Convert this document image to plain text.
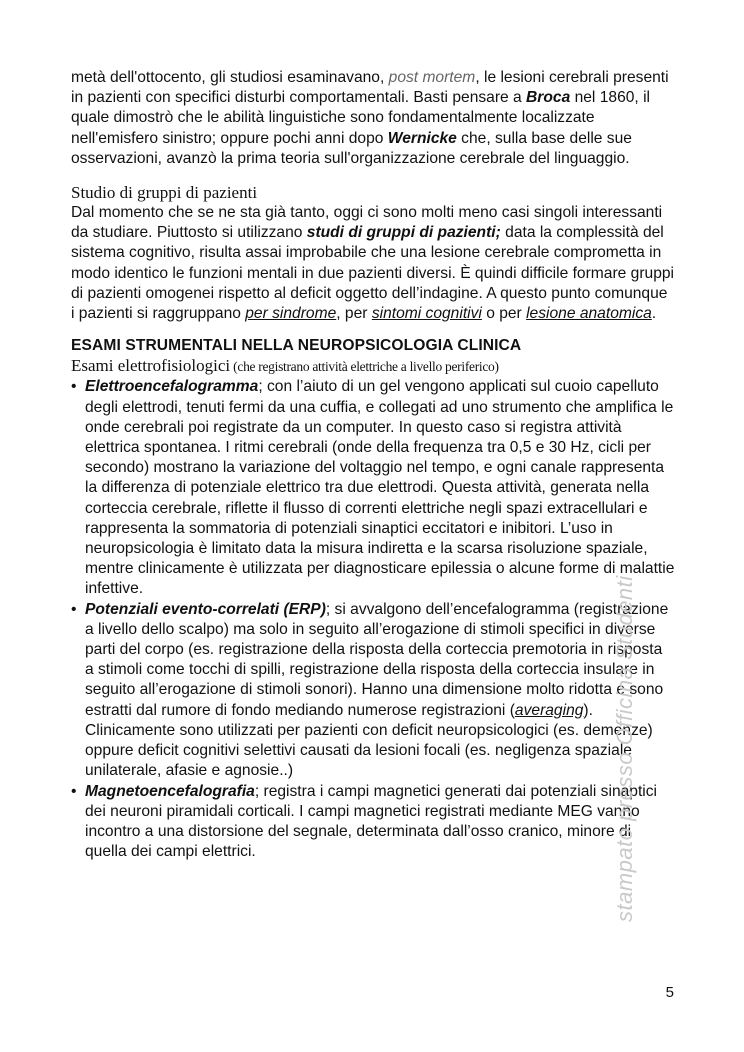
metà dell'ottocento, gli studiosi esaminavano, post mortem, le lesioni cerebrali presenti in pazienti con specifici disturbi comportamentali. Basti pensare a Broca nel 1860, il quale dimostrò che le abilità linguistiche sono fondamentalmente localizzate nell'emisfero sinistro; oppure pochi anni dopo Wernicke che, sulla base delle sue osservazioni, avanzò la prima teoria sull'organizzazione cerebrale del linguaggio.

Studio di gruppi di pazienti

Dal momento che se ne sta già tanto, oggi ci sono molti meno casi singoli interessanti da studiare. Piuttosto si utilizzano studi di gruppi di pazienti; data la complessità del sistema cognitivo, risulta assai improbabile che una lesione cerebrale comprometta in modo identico le funzioni mentali in due pazienti diversi. È quindi difficile formare gruppi di pazienti omogenei rispetto al deficit oggetto dell’indagine. A questo punto comunque i pazienti si raggruppano per sindrome, per sintomi cognitivi o per lesione anatomica.

ESAMI STRUMENTALI NELLA NEUROPSICOLOGIA CLINICA

Esami elettrofisiologici (che registrano attività elettriche a livello periferico)

• Elettroencefalogramma; con l’aiuto di un gel vengono applicati sul cuoio capelluto degli elettrodi, tenuti fermi da una cuffia, e collegati ad uno strumento che amplifica le onde cerebrali poi registrate da un computer. In questo caso si registra attività elettrica spontanea. I ritmi cerebrali (onde della frequenza tra 0,5 e 30 Hz, cicli per secondo) mostrano la variazione del voltaggio nel tempo, e ogni canale rappresenta la differenza di potenziale elettrico tra due elettrodi. Questa attività, generata nella corteccia cerebrale, riflette il flusso di correnti elettriche negli spazi extracellulari e rappresenta la sommatoria di potenziali sinaptici eccitatori e inibitori. L’uso in neuropsicologia è limitato data la misura indiretta e la scarsa risoluzione spaziale, mentre clinicamente è utilizzata per diagnosticare epilessia o alcune forme di malattie infettive.
• Potenziali evento-correlati (ERP); si avvalgono dell’encefalogramma (registrazione a livello dello scalpo) ma solo in seguito all’erogazione di stimoli specifici in diverse parti del corpo (es. registrazione della risposta della corteccia premotoria in risposta a stimoli come tocchi di spilli, registrazione della risposta della corteccia insulare in seguito all’erogazione di stimoli sonori). Hanno una dimensione molto ridotta e sono estratti dal rumore di fondo mediando numerose registrazioni (averaging). Clinicamente sono utilizzati per pazienti con deficit neuropsicologici (es. demenze) oppure deficit cognitivi selettivi causati da lesioni focali (es. negligenza spaziale unilaterale, afasie e agnosie..)
• Magnetoencefalografia; registra i campi magnetici generati dai potenziali sinaptici dei neuroni piramidali corticali. I campi magnetici registrati mediante MEG vanno incontro a una distorsione del segnale, determinata dall’osso cranico, minore di quella dei campi elettrici.	stampato presso Officina Studenti
5
